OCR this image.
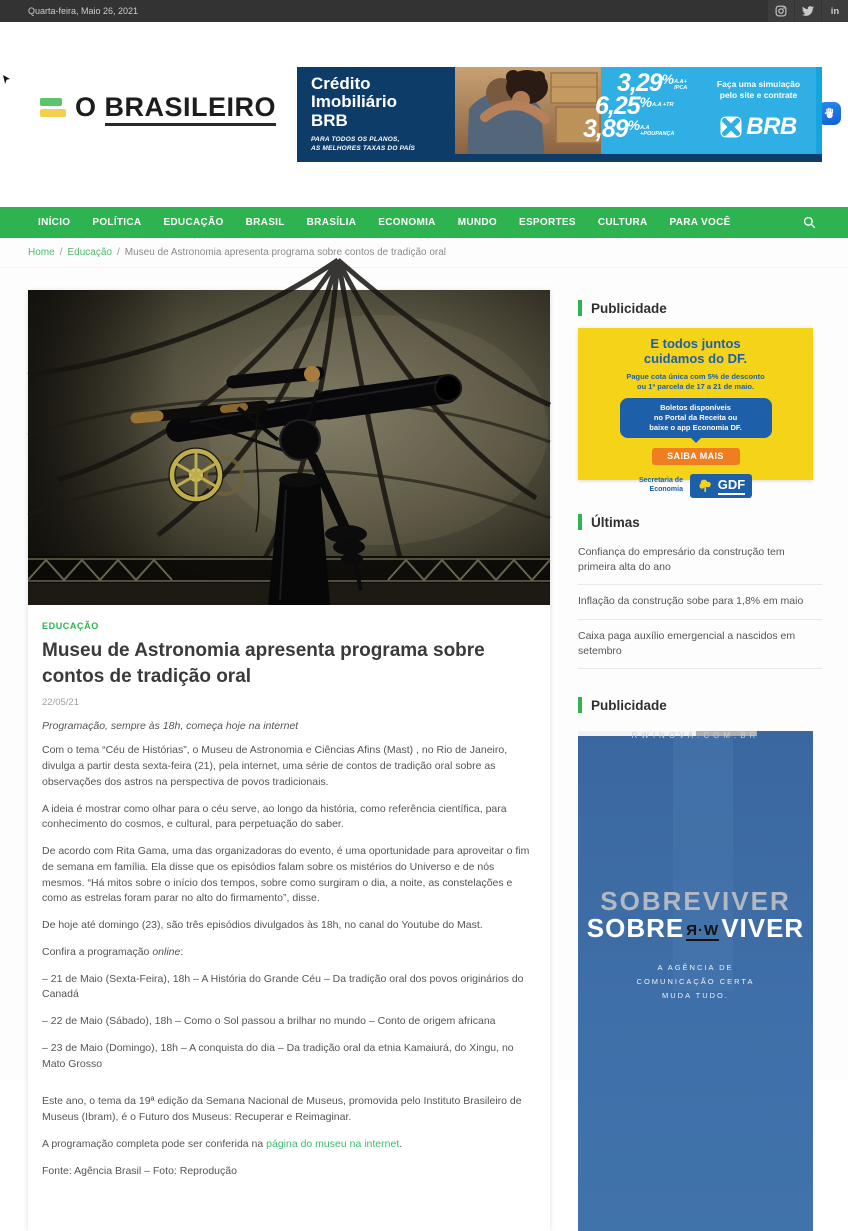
Quarta-feira, Maio 26, 2021	in
O BRASILEIRO
Crédito
Imobiliário
BRB
PARA TODOS OS PLANOS,
AS MELHORES TAXAS DO PAÍS
3,29 % A.A+ IPCA
6,25 % A.A +TR
3,89 % A.A +POUPANÇA
Faça uma simulação
pelo site e contrate
BRB
INÍCIO	POLÍTICA	EDUCAÇÃO	BRASIL	BRASÍLIA	ECONOMIA	MUNDO	ESPORTES	CULTURA	PARA VOCÊ
Home / Educação / Museu de Astronomia apresenta programa sobre contos de tradição oral
EDUCAÇÃO
Museu de Astronomia apresenta programa sobre contos de tradição oral
22/05/21
Programação, sempre às 18h, começa hoje na internet

Com o tema “Céu de Histórias”, o Museu de Astronomia e Ciências Afins (Mast) , no Rio de Janeiro, divulga a partir desta sexta-feira (21), pela internet, uma série de contos de tradição oral sobre as observações dos astros na perspectiva de povos tradicionais.

A ideia é mostrar como olhar para o céu serve, ao longo da história, como referência científica, para conhecimento do cosmos, e cultural, para perpetuação do saber.

De acordo com Rita Gama, uma das organizadoras do evento, é uma oportunidade para aproveitar o fim de semana em família. Ela disse que os episódios falam sobre os mistérios do Universo e de nós mesmos. “Há mitos sobre o início dos tempos, sobre como surgiram o dia, a noite, as constelações e como as estrelas foram parar no alto do firmamento”, disse.

De hoje até domingo (23), são três episódios divulgados às 18h, no canal do Youtube do Mast.

Confira a programação online:

– 21 de Maio (Sexta-Feira), 18h – A História do Grande Céu – Da tradição oral dos povos originários do Canadá

– 22 de Maio (Sábado), 18h – Como o Sol passou a brilhar no mundo – Conto de origem africana

– 23 de Maio (Domingo), 18h – A conquista do dia – Da tradição oral da etnia Kamaiurá, do Xingu, no Mato Grosso

Este ano, o tema da 19ª edição da Semana Nacional de Museus, promovida pelo Instituto Brasileiro de Museus (Ibram), é o Futuro dos Museus: Recuperar e Reimaginar.

A programação completa pode ser conferida na página do museu na internet.

Fonte: Agência Brasil – Foto: Reprodução

Publicidade
E todos juntos
cuidamos do DF.
Pague cota única com 5% de desconto
ou 1ª parcela de 17 a 21 de maio.
Boletos disponíveis
no Portal da Receita ou
baixe o app Economia DF.
SAIBA MAIS
Secretaria de
Economia	GDF
Últimas
Confiança do empresário da construção tem primeira alta do ano
Inflação da construção sobe para 1,8% em maio
Caixa paga auxílio emergencial a nascidos em setembro
Publicidade
RWINOVA.COM.BR
SOBREVIVER
SOBRE Я·W VIVER
A AGÊNCIA DE
COMUNICAÇÃO CERTA
MUDA TUDO.
